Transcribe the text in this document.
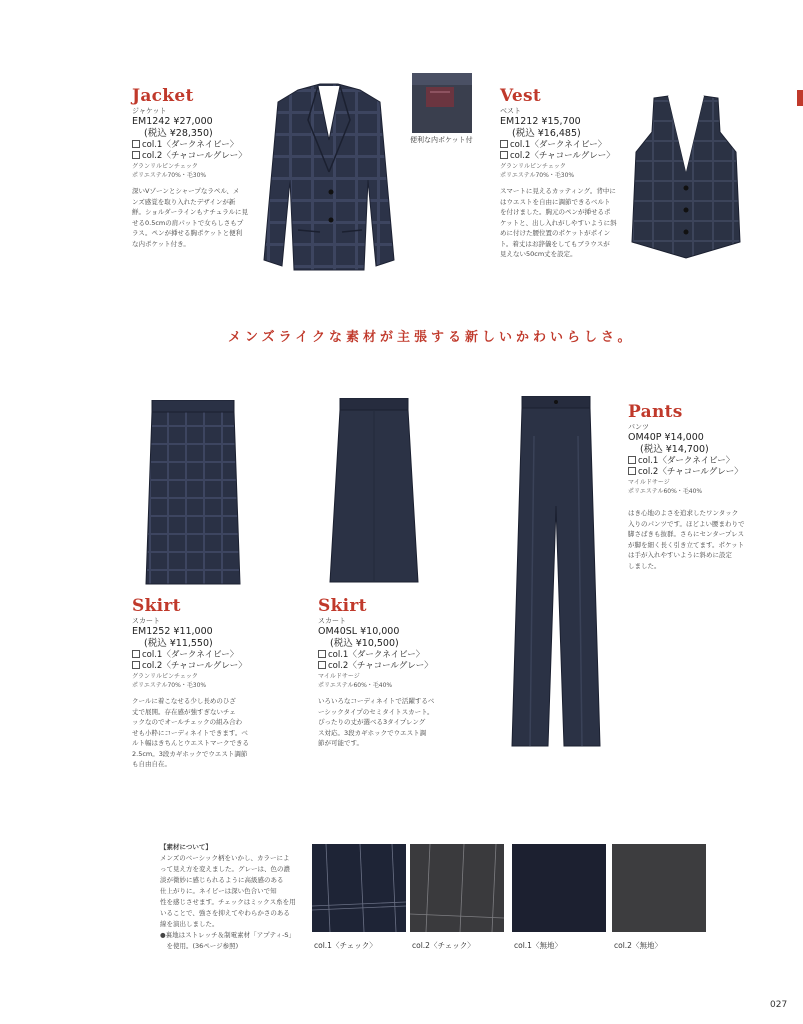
Jacket
ジャケット
EM1242 ¥27,000
(税込 ¥28,350)
col.1〈ダークネイビー〉
col.2〈チャコールグレー〉
グランリルピンチェック
ポリエステル70%・毛30%
深いVゾーンとシャープなラペル、メ
ンズ感覚を取り入れたデザインが新
鮮。ショルダーラインもナチュラルに見
せる0.5cmの肩パットで女らしさもプ
ラス。ペンが挿せる胸ポケットと便利
な内ポケット付き。
便利な内ポケット付
Vest
ベスト
EM1212 ¥15,700
(税込 ¥16,485)
col.1〈ダークネイビー〉
col.2〈チャコールグレー〉
グランリルピンチェック
ポリエステル70%・毛30%
スマートに見えるカッティング。背中に
はウエストを自由に調節できるベルト
を付けました。胸元のペンが挿せるポ
ケットと、出し入れがしやすいように斜
めに付けた腰位置のポケットがポイン
ト。着丈はお辞儀をしてもブラウスが
見えない50cm丈を設定。
メンズライクな素材が主張する新しいかわいらしさ。
Skirt
スカート
EM1252 ¥11,000
(税込 ¥11,550)
col.1〈ダークネイビー〉
col.2〈チャコールグレー〉
グランリルピンチェック
ポリエステル70%・毛30%
クールに着こなせる少し長めのひざ
丈で展開。存在感が強すぎないチェ
ックなのでオールチェックの組み合わ
せも小粋にコーディネイトできます。ベ
ルト幅はきちんとウエストマークできる
2.5cm。3段カギホックでウエスト調節
も自由自在。
Skirt
スカート
OM40SL ¥10,000
(税込 ¥10,500)
col.1〈ダークネイビー〉
col.2〈チャコールグレー〉
マイルドサージ
ポリエステル60%・毛40%
いろいろなコーディネイトで活躍するベ
ーシックタイプのセミタイトスカート。
ぴったりの丈が選べる3タイプレング
ス対応。3段カギホックでウエスト調
節が可能です。
Pants
パンツ
OM40P ¥14,000
(税込 ¥14,700)
col.1〈ダークネイビー〉
col.2〈チャコールグレー〉
マイルドサージ
ポリエステル60%・毛40%
はき心地のよさを追求したワンタック
入りのパンツです。ほどよい腰まわりで
脚さばきも抜群。さらにセンタープレス
が脚を細く長く引き立てます。ポケット
は手が入れやすいように斜めに設定
しました。
【素材について】
メンズのベーシック柄をいかし、カラーによ
って見え方を変えました。グレーは、色の濃
淡が微妙に感じられるように高級感のある
仕上がりに。ネイビーは深い色合いで知
性を感じさせます。チェックはミックス糸を用
いることで、強さを抑えてやわらかさのある
線を演出しました。
●裏地はストレッチ＆制電素材「アプティ-S」
　を使用。(36ページ参照)	col.1〈チェック〉	col.2〈チェック〉	col.1〈無地〉	col.2〈無地〉
027
